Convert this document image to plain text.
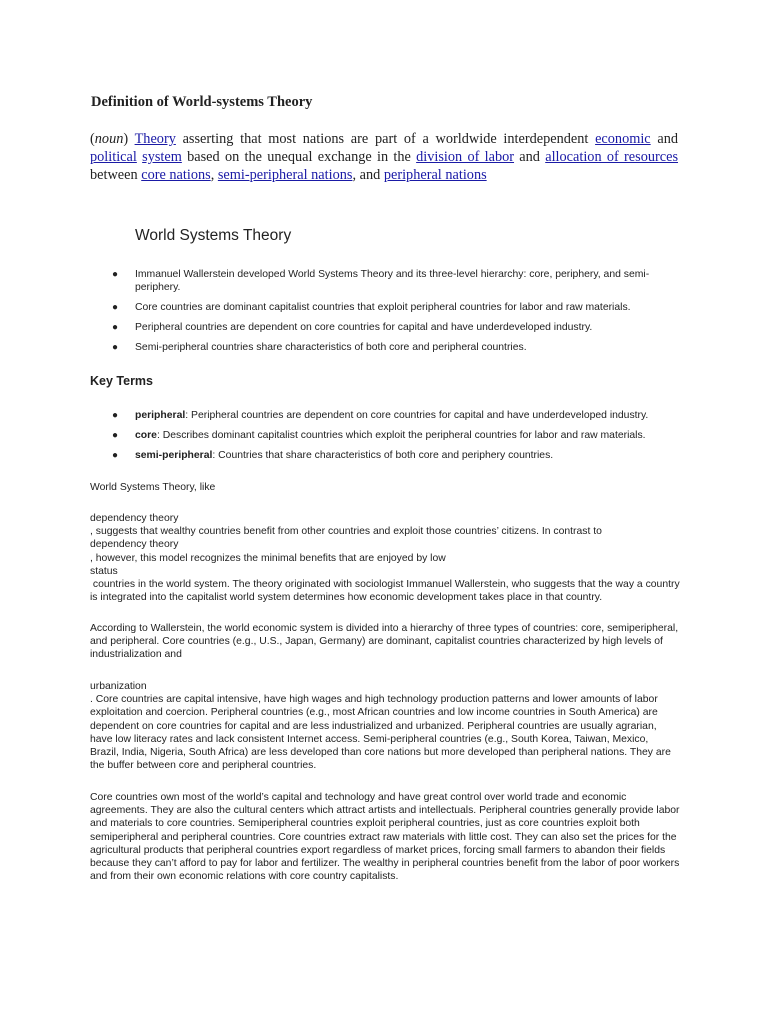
Definition of World-systems Theory

(noun) Theory asserting that most nations are part of a worldwide interdependent economic and political system based on the unequal exchange in the division of labor and allocation of resources between core nations, semi-peripheral nations, and peripheral nations

World Systems Theory
● Immanuel Wallerstein developed World Systems Theory and its three-level hierarchy: core, periphery, and semi-periphery.
● Core countries are dominant capitalist countries that exploit peripheral countries for labor and raw materials.
● Peripheral countries are dependent on core countries for capital and have underdeveloped industry.
● Semi-peripheral countries share characteristics of both core and peripheral countries.
Key Terms
● peripheral: Peripheral countries are dependent on core countries for capital and have underdeveloped industry.
● core: Describes dominant capitalist countries which exploit the peripheral countries for labor and raw materials.
● semi-peripheral: Countries that share characteristics of both core and periphery countries.

World Systems Theory, like

dependency theory
, suggests that wealthy countries benefit from other countries and exploit those countries’ citizens. In contrast to
dependency theory
, however, this model recognizes the minimal benefits that are enjoyed by low
status
countries in the world system. The theory originated with sociologist Immanuel Wallerstein, who suggests that the way a country is integrated into the capitalist world system determines how economic development takes place in that country.

According to Wallerstein, the world economic system is divided into a hierarchy of three types of countries: core, semiperipheral, and peripheral. Core countries (e.g., U.S., Japan, Germany) are dominant, capitalist countries characterized by high levels of industrialization and

urbanization
. Core countries are capital intensive, have high wages and high technology production patterns and lower amounts of labor exploitation and coercion. Peripheral countries (e.g., most African countries and low income countries in South America) are dependent on core countries for capital and are less industrialized and urbanized. Peripheral countries are usually agrarian, have low literacy rates and lack consistent Internet access. Semi-peripheral countries (e.g., South Korea, Taiwan, Mexico, Brazil, India, Nigeria, South Africa) are less developed than core nations but more developed than peripheral nations. They are the buffer between core and peripheral countries.

Core countries own most of the world’s capital and technology and have great control over world trade and economic agreements. They are also the cultural centers which attract artists and intellectuals. Peripheral countries generally provide labor and materials to core countries. Semiperipheral countries exploit peripheral countries, just as core countries exploit both semiperipheral and peripheral countries. Core countries extract raw materials with little cost. They can also set the prices for the agricultural products that peripheral countries export regardless of market prices, forcing small farmers to abandon their fields because they can’t afford to pay for labor and fertilizer. The wealthy in peripheral countries benefit from the labor of poor workers and from their own economic relations with core country capitalists.
